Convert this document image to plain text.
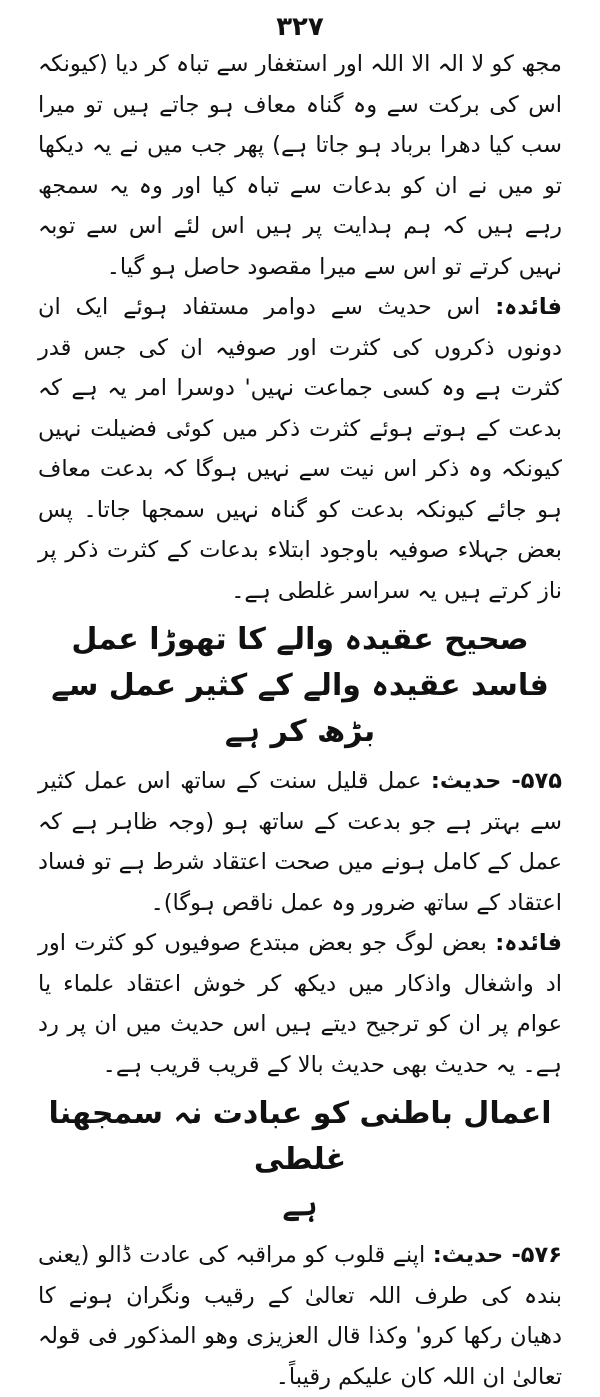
۳۲۷

مجھ کو لا الہ الا اللہ اور استغفار سے تباہ کر دیا (کیونکہ اس کی برکت سے وہ گناہ معاف ہو جاتے ہیں تو میرا سب کیا دھرا برباد ہو جاتا ہے) پھر جب میں نے یہ دیکھا تو میں نے ان کو بدعات سے تباہ کیا اور وہ یہ سمجھ رہے ہیں کہ ہم ہدایت پر ہیں اس لئے اس سے توبہ نہیں کرتے تو اس سے میرا مقصود حاصل ہو گیا۔

فائدہ: اس حدیث سے دوامر مستفاد ہوئے ایک ان دونوں ذکروں کی کثرت اور صوفیہ ان کی جس قدر کثرت ہے وہ کسی جماعت نہیں' دوسرا امر یہ ہے کہ بدعت کے ہوتے ہوئے کثرت ذکر میں کوئی فضیلت نہیں کیونکہ وہ ذکر اس نیت سے نہیں ہوگا کہ بدعت معاف ہو جائے کیونکہ بدعت کو گناہ نہیں سمجھا جاتا۔ پس بعض جہلاء صوفیہ باوجود ابتلاء بدعات کے کثرت ذکر پر ناز کرتے ہیں یہ سراسر غلطی ہے۔

صحیح عقیدہ والے کا تھوڑا عمل
فاسد عقیدہ والے کے کثیر عمل سے بڑھ کر ہے

۵۷۵- حدیث: عمل قلیل سنت کے ساتھ اس عمل کثیر سے بہتر ہے جو بدعت کے ساتھ ہو (وجہ ظاہر ہے کہ عمل کے کامل ہونے میں صحت اعتقاد شرط ہے تو فساد اعتقاد کے ساتھ ضرور وہ عمل ناقص ہوگا)۔

فائدہ: بعض لوگ جو بعض مبتدع صوفیوں کو کثرت اور اد واشغال واذکار میں دیکھ کر خوش اعتقاد علماء یا عوام پر ان کو ترجیح دیتے ہیں اس حدیث میں ان پر رد ہے۔ یہ حدیث بھی حدیث بالا کے قریب قریب ہے۔

اعمال باطنی کو عبادت نہ سمجھنا غلطی
ہے

۵۷۶- حدیث: اپنے قلوب کو مراقبہ کی عادت ڈالو (یعنی بندہ کی طرف اللہ تعالیٰ کے رقیب ونگران ہونے کا دھیان رکھا کرو' وکذا قال العزیزی وھو المذکور فی قولہ تعالیٰ ان اللہ کان علیکم رقیباً۔
